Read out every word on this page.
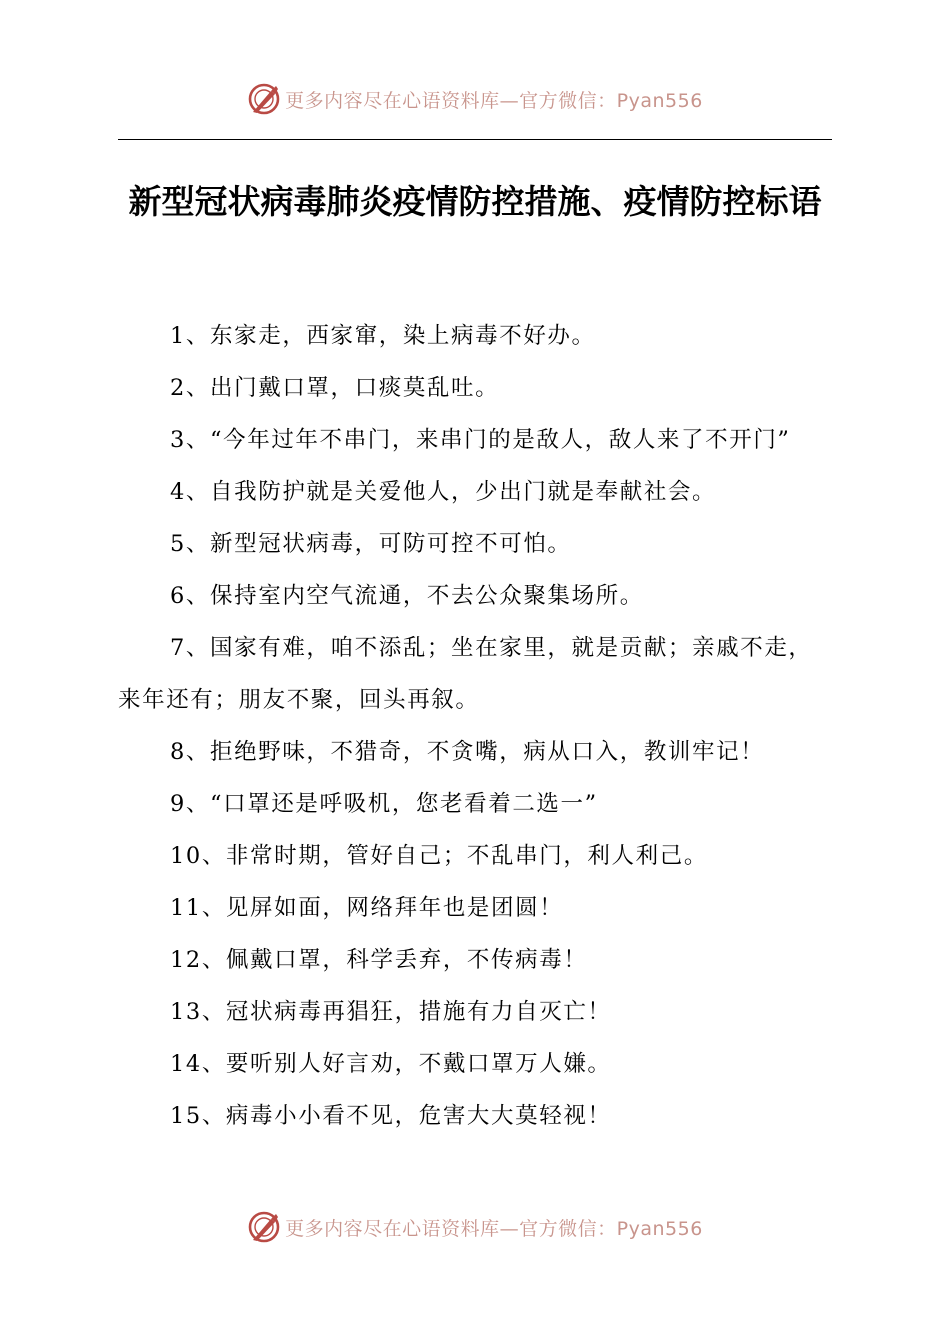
更多内容尽在心语资料库—官方微信：Pyan556
新型冠状病毒肺炎疫情防控措施、疫情防控标语

1、东家走，西家窜，染上病毒不好办。

2、出门戴口罩，口痰莫乱吐。

3、“今年过年不串门，来串门的是敌人，敌人来了不开门”

4、自我防护就是关爱他人，少出门就是奉献社会。

5、新型冠状病毒，可防可控不可怕。

6、保持室内空气流通，不去公众聚集场所。

7、国家有难，咱不添乱；坐在家里，就是贡献；亲戚不走，来年还有；朋友不聚，回头再叙。

8、拒绝野味，不猎奇，不贪嘴，病从口入，教训牢记！

9、“口罩还是呼吸机，您老看着二选一”

10、非常时期，管好自己；不乱串门，利人利己。

11、见屏如面，网络拜年也是团圆！

12、佩戴口罩，科学丢弃，不传病毒！

13、冠状病毒再猖狂，措施有力自灭亡！

14、要听别人好言劝，不戴口罩万人嫌。

15、病毒小小看不见，危害大大莫轻视！

更多内容尽在心语资料库—官方微信：Pyan556
